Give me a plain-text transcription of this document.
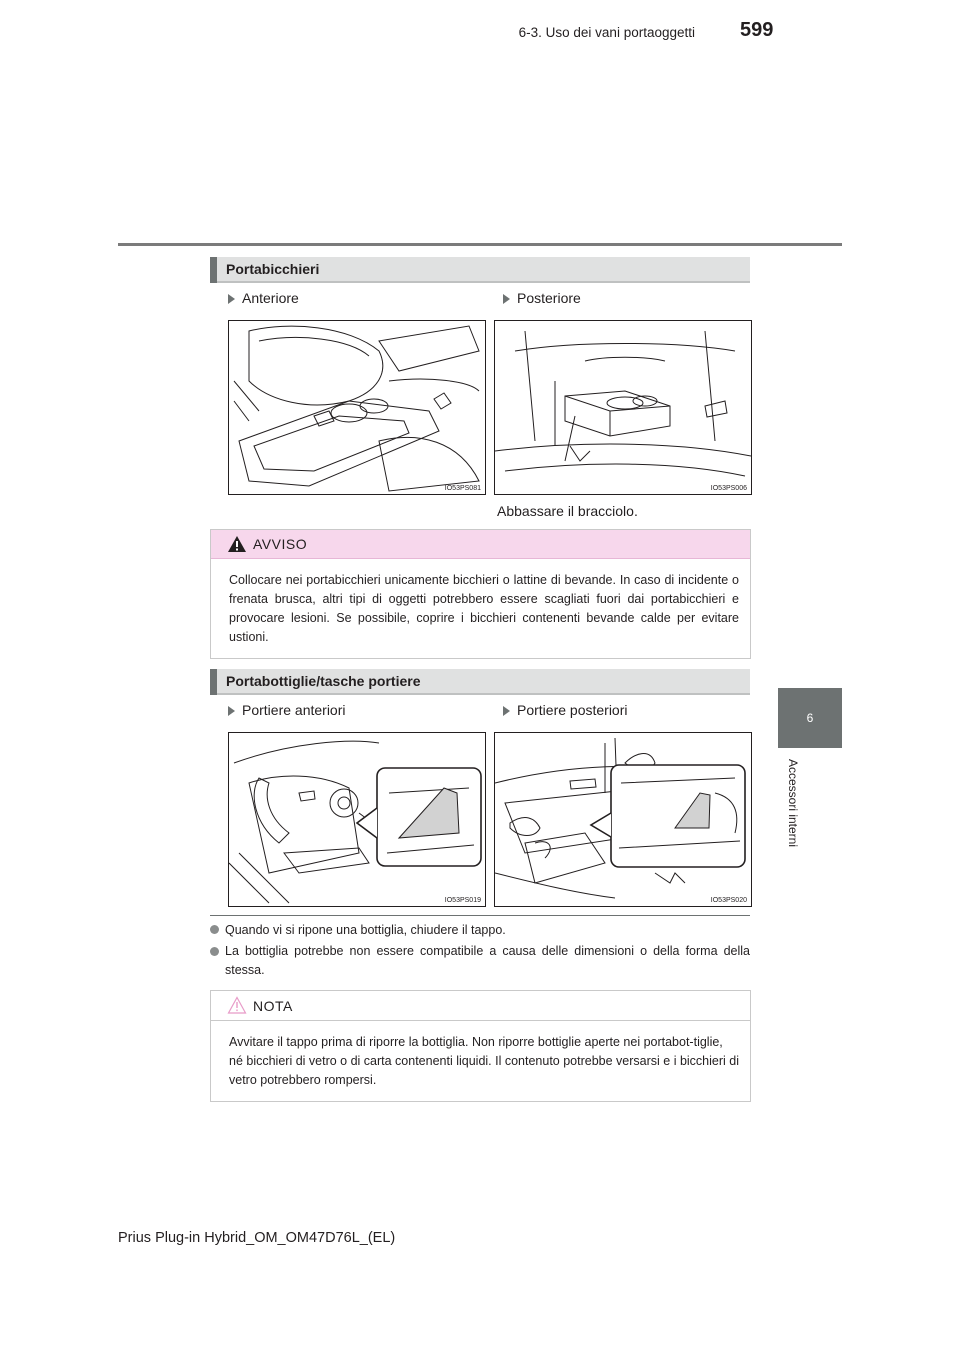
6-3. Uso dei vani portaoggetti 599
6
Accessori interni
Portabicchieri
Anteriore	Posteriore
IO53PS081	IO53PS006
Abbassare il bracciolo.
AVVISO
Collocare nei portabicchieri unicamente bicchieri o lattine di bevande. In caso di incidente o frenata brusca, altri tipi di oggetti potrebbero essere scagliati fuori dai portabicchieri e provocare lesioni. Se possibile, coprire i bicchieri contenenti bevande calde per evitare ustioni.
Portabottiglie/tasche portiere
Portiere anteriori	Portiere posteriori
IO53PS019	IO53PS020
Quando vi si ripone una bottiglia, chiudere il tappo.
La bottiglia potrebbe non essere compatibile a causa delle dimensioni o della forma della stessa.
NOTA
Avvitare il tappo prima di riporre la bottiglia. Non riporre bottiglie aperte nei portabot-tiglie, né bicchieri di vetro o di carta contenenti liquidi. Il contenuto potrebbe versarsi e i bicchieri di vetro potrebbero rompersi.
Prius Plug-in Hybrid_OM_OM47D76L_(EL)
